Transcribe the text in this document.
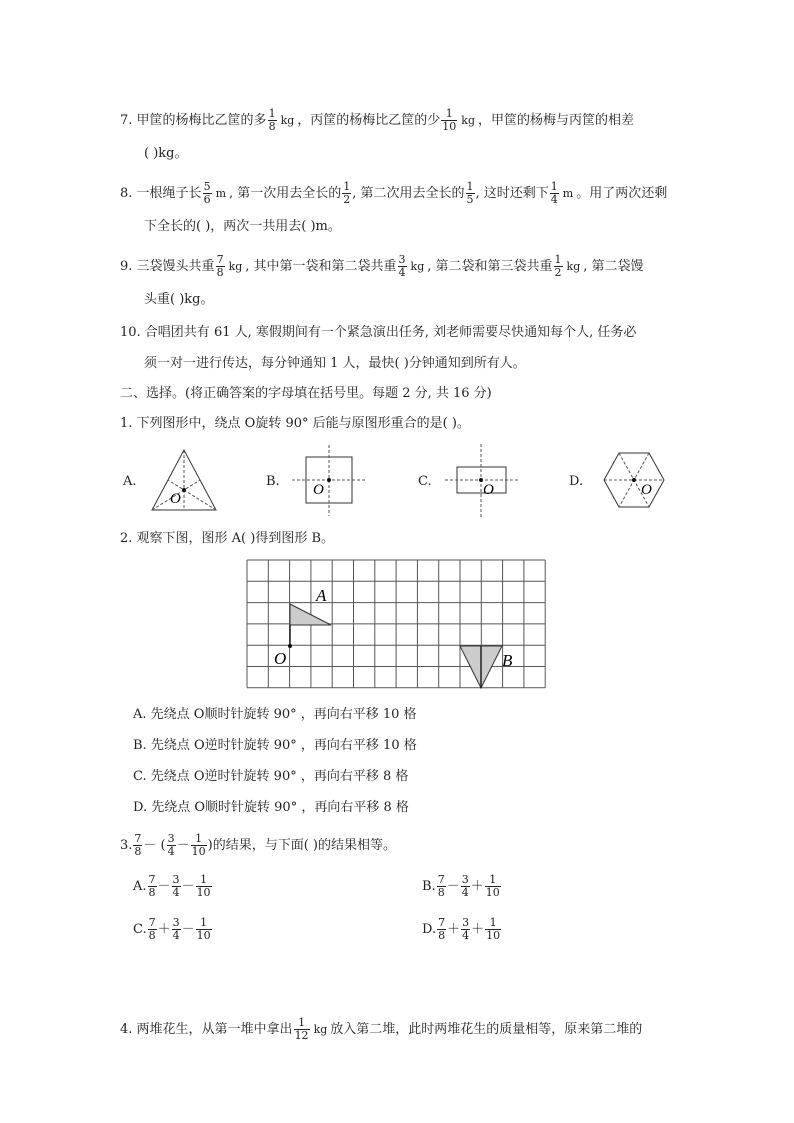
7. 甲筐的杨梅比乙筐的多 $\frac{1}{8}$ kg ，丙筐的杨梅比乙筐的少 $\frac{1}{10}$ kg ，甲筐的杨梅与丙筐的相差
( )kg。
8. 一根绳子长 $\frac{5}{6}$ m , 第一次用去全长的 $\frac{1}{2}$ , 第二次用去全长的 $\frac{1}{5}$ , 这时还剩下 $\frac{1}{4}$ m 。用了两次还剩
下全长的( )，两次一共用去( )m。
9. 三袋馒头共重 $\frac{7}{8}$ kg , 其中第一袋和第二袋共重 $\frac{3}{4}$ kg , 第二袋和第三袋共重 $\frac{1}{2}$ kg , 第二袋馒
头重( )kg。
10. 合唱团共有 61 人, 寒假期间有一个紧急演出任务, 刘老师需要尽快通知每个人, 任务必
须一对一进行传达，每分钟通知 1 人，最快( )分钟通知到所有人。
二、选择。(将正确答案的字母填在括号里。每题 2 分, 共 16 分)
1. 下列图形中，绕点 O旋转 90° 后能与原图形重合的是( )。
A.	B.	C.	D.
O
O	O	O
2. 观察下图，图形 A( )得到图形 B。
A
B
O
A. 先绕点 O顺时针旋转 90° ，再向右平移 10 格
B. 先绕点 O逆时针旋转 90° ，再向右平移 10 格
C. 先绕点 O逆时针旋转 90° ，再向右平移 8 格
D. 先绕点 O顺时针旋转 90° ，再向右平移 8 格
3. $\frac{7}{8}$ － ( $\frac{3}{4} - \frac{1}{10}$ )的结果，与下面( )的结果相等。
A. $\frac{7}{8} - \frac{3}{4} - \frac{1}{10}$	B. $\frac{7}{8} - \frac{3}{4} + \frac{1}{10}$
C. $\frac{7}{8} + \frac{3}{4} - \frac{1}{10}$	D. $\frac{7}{8} + \frac{3}{4} + \frac{1}{10}$
4. 两堆花生，从第一堆中拿出 $\frac{1}{12}$ kg 放入第二堆，此时两堆花生的质量相等，原来第二堆的
